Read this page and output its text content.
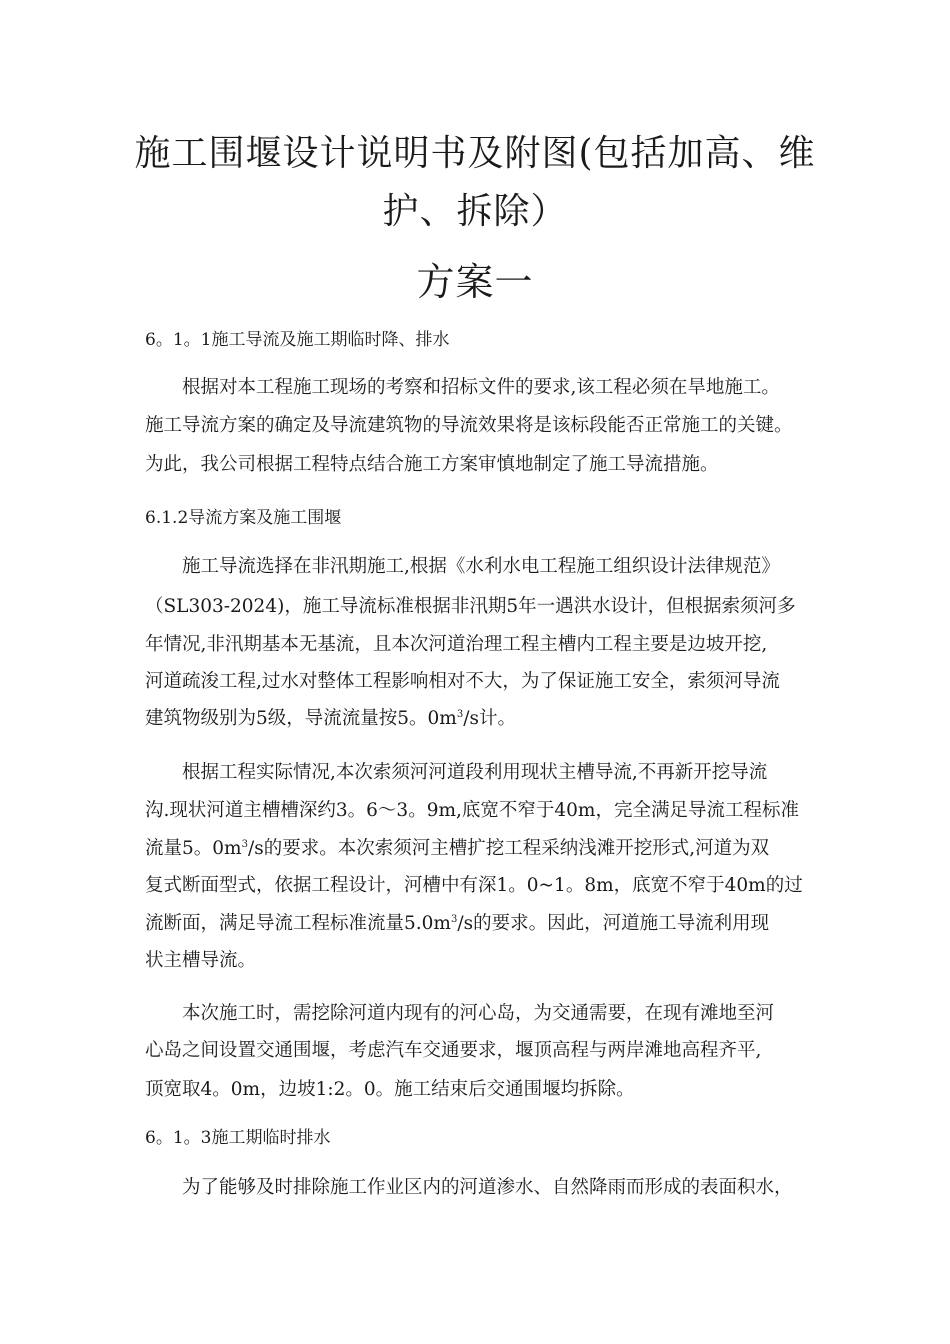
施工围堰设计说明书及附图(包括加高、维
护、拆除）
方案一
6。1。1施工导流及施工期临时降、排水
根据对本工程施工现场的考察和招标文件的要求,该工程必须在旱地施工。
施工导流方案的确定及导流建筑物的导流效果将是该标段能否正常施工的关键。
为此，我公司根据工程特点结合施工方案审慎地制定了施工导流措施。
6.1.2导流方案及施工围堰
施工导流选择在非汛期施工,根据《水利水电工程施工组织设计法律规范》
（SL303-2024)，施工导流标准根据非汛期5年一遇洪水设计，但根据索须河多
年情况,非汛期基本无基流，且本次河道治理工程主槽内工程主要是边坡开挖,
河道疏浚工程,过水对整体工程影响相对不大，为了保证施工安全，索须河导流
建筑物级别为5级，导流流量按5。$0m^3/s$计。
根据工程实际情况,本次索须河河道段利用现状主槽导流,不再新开挖导流
沟.现状河道主槽槽深约3。6～3。9m,底宽不窄于40m，完全满足导流工程标准
流量5。$0m^3/s$的要求。本次索须河主槽扩挖工程采纳浅滩开挖形式,河道为双
复式断面型式，依据工程设计，河槽中有深1。0~1。8m，底宽不窄于40m的过
流断面，满足导流工程标准流量$5.0m^3/s$的要求。因此，河道施工导流利用现
状主槽导流。
本次施工时，需挖除河道内现有的河心岛，为交通需要，在现有滩地至河
心岛之间设置交通围堰，考虑汽车交通要求，堰顶高程与两岸滩地高程齐平,
顶宽取4。0m，边坡1:2。0。施工结束后交通围堰均拆除。
6。1。3施工期临时排水
为了能够及时排除施工作业区内的河道渗水、自然降雨而形成的表面积水，
